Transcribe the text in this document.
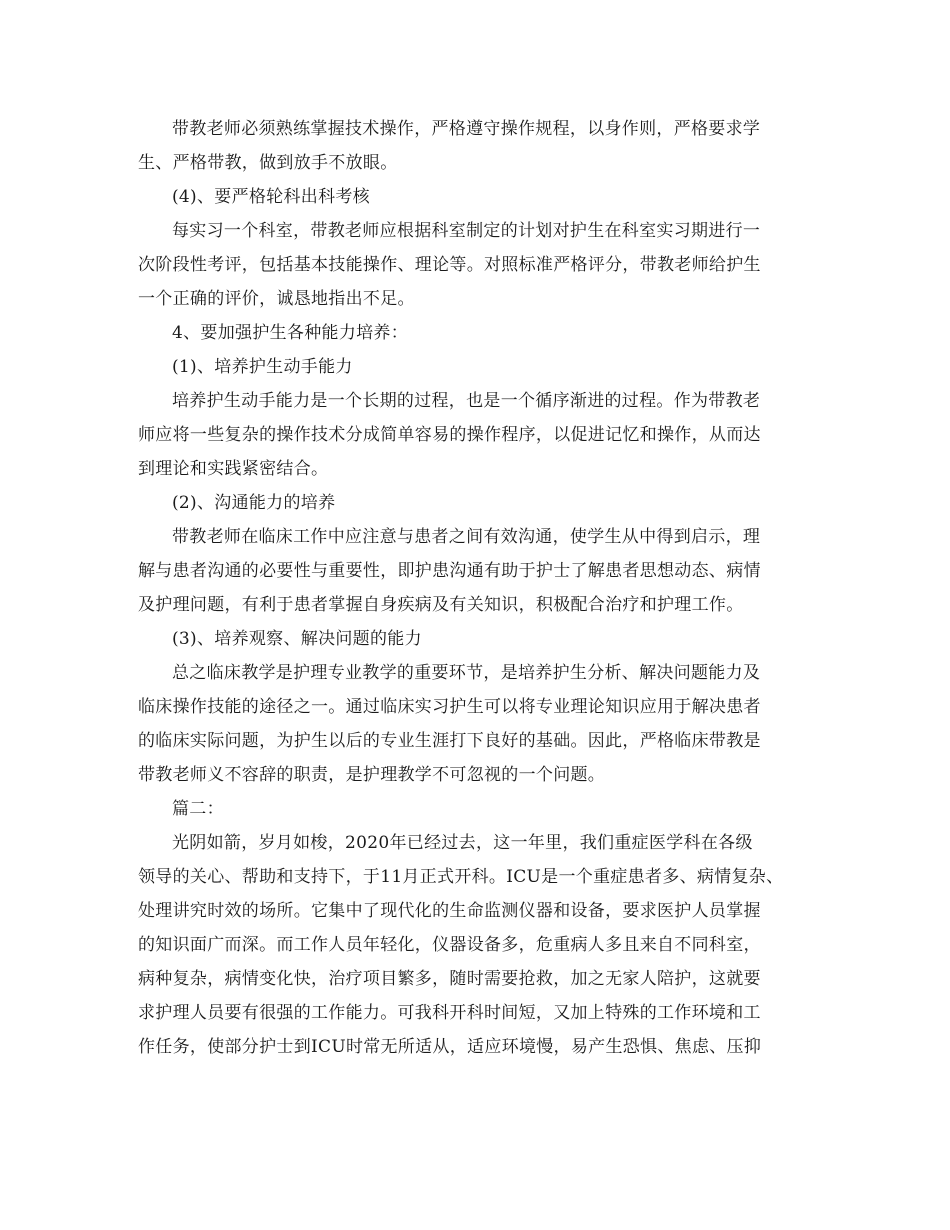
带教老师必须熟练掌握技术操作，严格遵守操作规程，以身作则，严格要求学
生、严格带教，做到放手不放眼。
(4)、要严格轮科出科考核
每实习一个科室，带教老师应根据科室制定的计划对护生在科室实习期进行一
次阶段性考评，包括基本技能操作、理论等。对照标准严格评分，带教老师给护生
一个正确的评价，诚恳地指出不足。
4、要加强护生各种能力培养：
(1)、培养护生动手能力
培养护生动手能力是一个长期的过程，也是一个循序渐进的过程。作为带教老
师应将一些复杂的操作技术分成简单容易的操作程序，以促进记忆和操作，从而达
到理论和实践紧密结合。
(2)、沟通能力的培养
带教老师在临床工作中应注意与患者之间有效沟通，使学生从中得到启示，理
解与患者沟通的必要性与重要性，即护患沟通有助于护士了解患者思想动态、病情
及护理问题，有利于患者掌握自身疾病及有关知识，积极配合治疗和护理工作。
(3)、培养观察、解决问题的能力
总之临床教学是护理专业教学的重要环节，是培养护生分析、解决问题能力及
临床操作技能的途径之一。通过临床实习护生可以将专业理论知识应用于解决患者
的临床实际问题，为护生以后的专业生涯打下良好的基础。因此，严格临床带教是
带教老师义不容辞的职责，是护理教学不可忽视的一个问题。
篇二：
光阴如箭，岁月如梭，2020年已经过去，这一年里，我们重症医学科在各级
领导的关心、帮助和支持下，于11月正式开科。ICU是一个重症患者多、病情复杂、
处理讲究时效的场所。它集中了现代化的生命监测仪器和设备，要求医护人员掌握
的知识面广而深。而工作人员年轻化，仪器设备多，危重病人多且来自不同科室，
病种复杂，病情变化快，治疗项目繁多，随时需要抢救，加之无家人陪护，这就要
求护理人员要有很强的工作能力。可我科开科时间短，又加上特殊的工作环境和工
作任务，使部分护士到ICU时常无所适从，适应环境慢，易产生恐惧、焦虑、压抑
